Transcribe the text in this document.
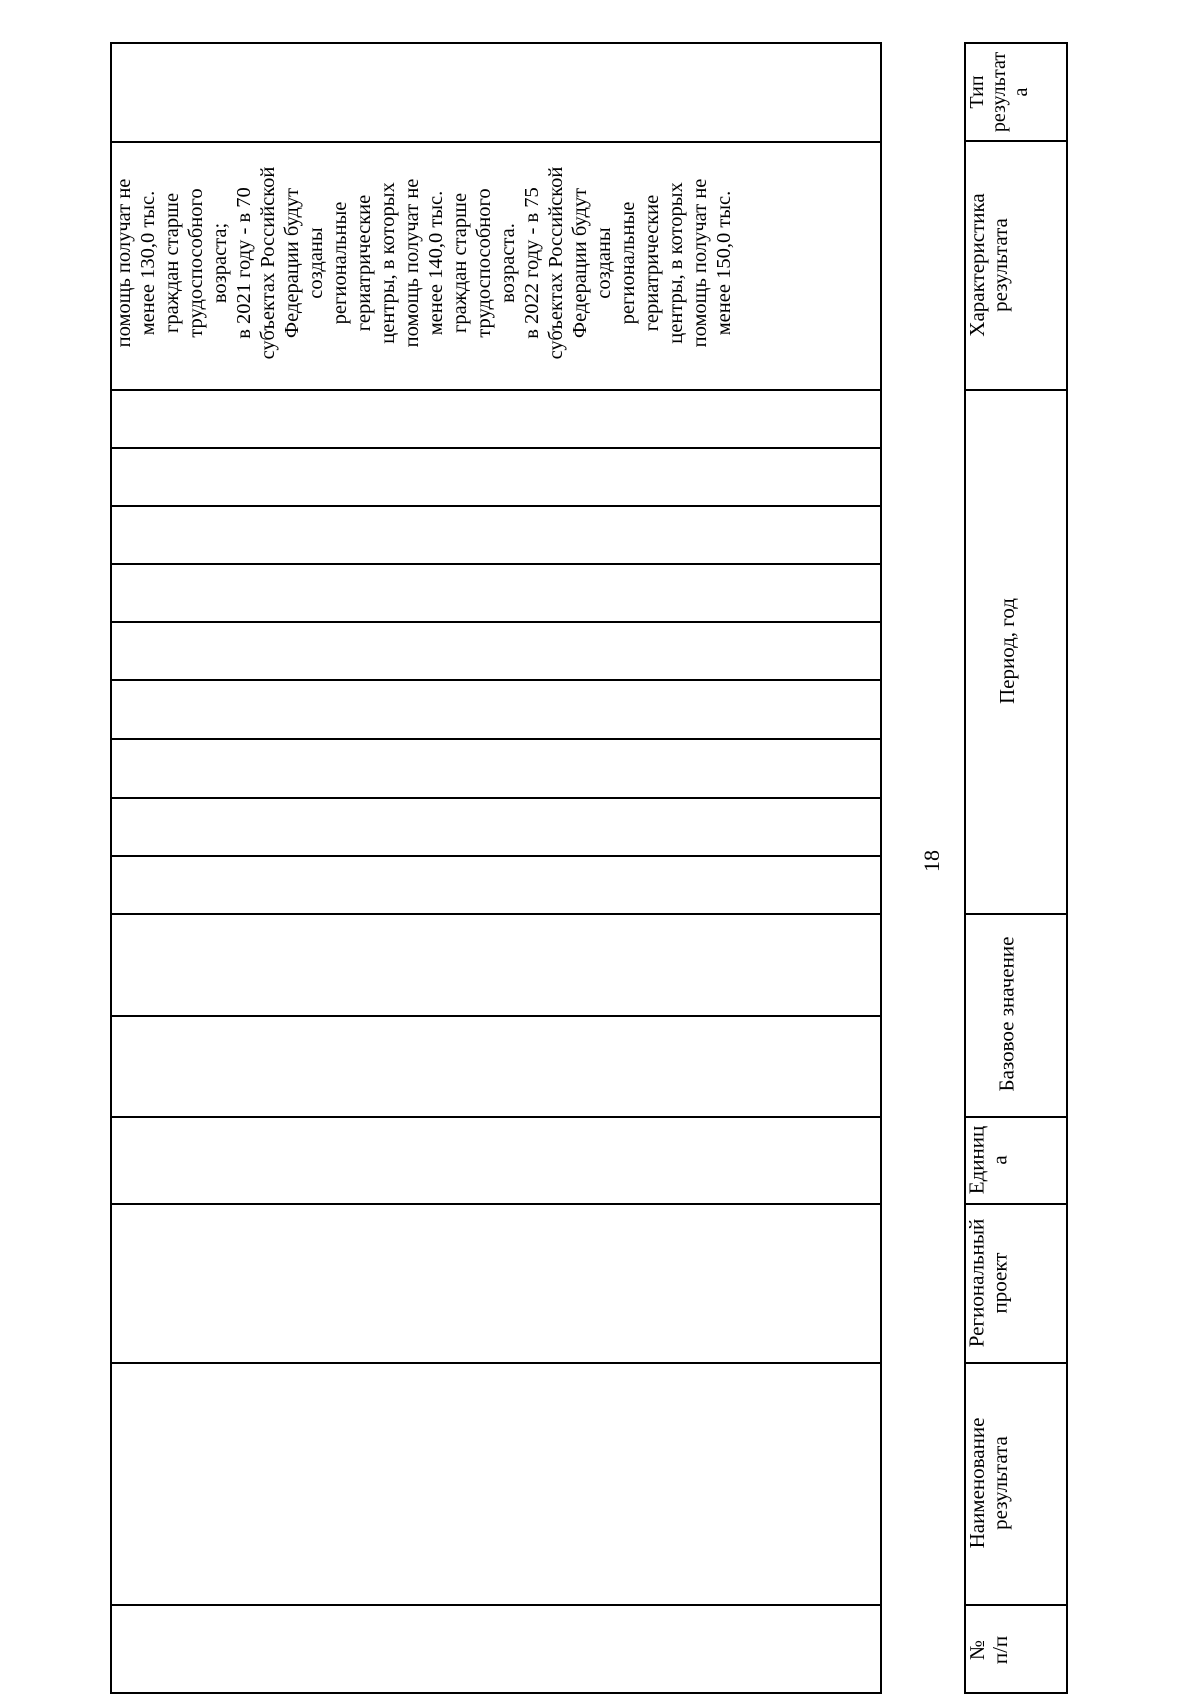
помощь получат не
менее 130,0 тыс.
граждан старше
трудоспособного
возраста;
в 2021 году - в 70
субъектах Российской
Федерации будут
созданы
региональные
гериатрические
центры, в которых
помощь получат не
менее 140,0 тыс.
граждан старше
трудоспособного
возраста.
в 2022 году - в 75
субъектах Российской
Федерации будут
созданы
региональные
гериатрические
центры, в которых
помощь получат не
менее 150,0 тыс.
18
Тип
результат
а
Характеристика
результата
Период, год
Базовое значение
Единиц
а
Региональный
проект
Наименование
результата
№
п/п
